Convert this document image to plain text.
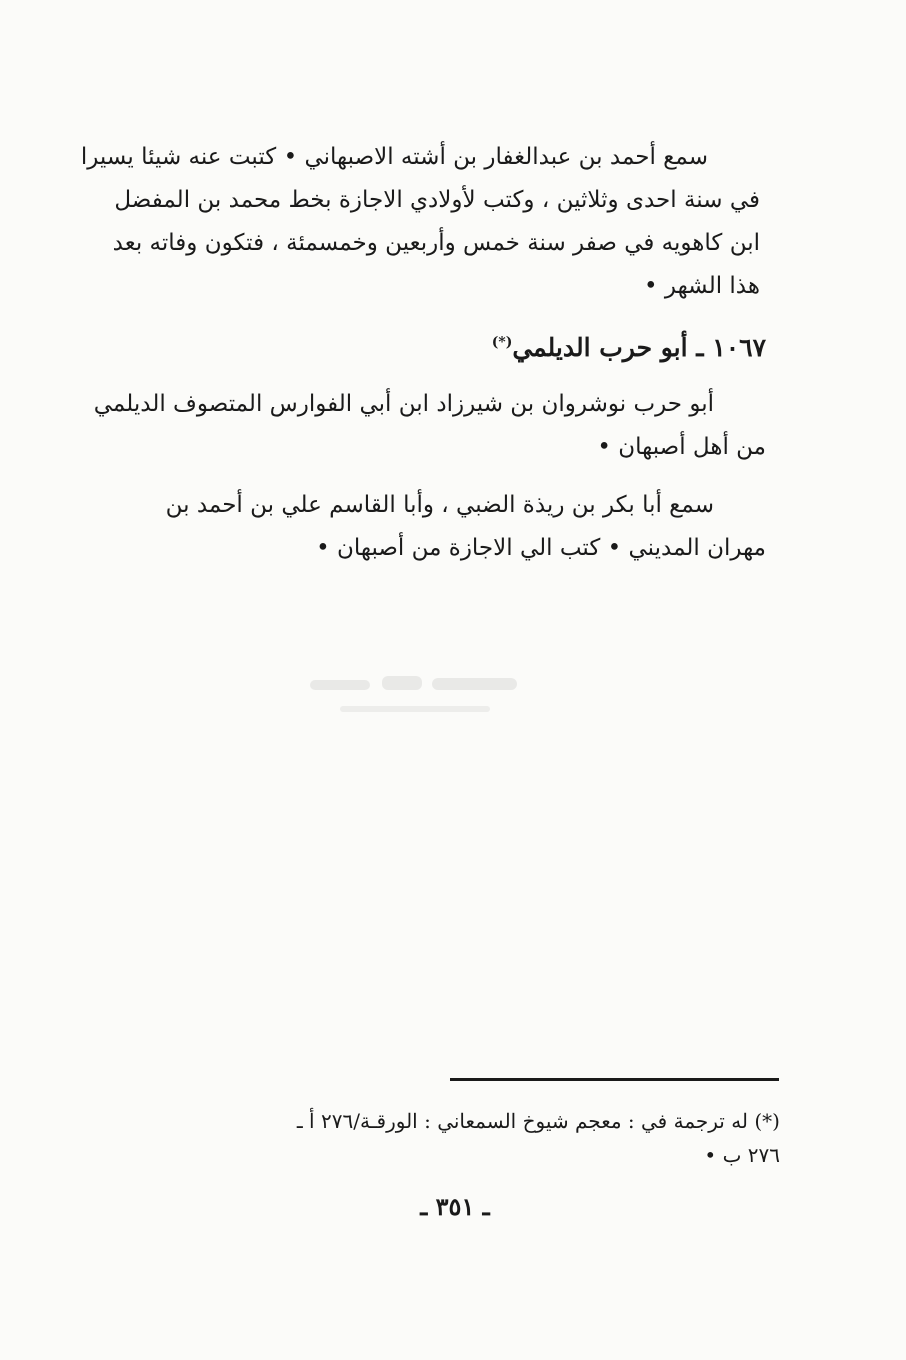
سمع أحمد بن عبدالغفار بن أشته الاصبهاني • كتبت عنه شيئا يسيرا
في سنة احدى وثلاثين ، وكتب لأولادي الاجازة بخط محمد بن المفضل
ابن كاهويه في صفر سنة خمس وأربعين وخمسمئة ، فتكون وفاته بعد
هذا الشهر •

١٠٦٧ ـ أبو حرب الديلمي(*)

أبو حرب نوشروان بن شيرزاد ابن أبي الفوارس المتصوف الديلمي
من أهل أصبهان •

سمع أبا بكر بن ريذة الضبي ، وأبا القاسم علي بن أحمد بن
مهران المديني • كتب الي الاجازة من أصبهان •

(*) له ترجمة في : معجم شيوخ السمعاني : الورقـة/٢٧٦ أ ـ
٢٧٦ ب •
ـ ٣٥١ ـ
